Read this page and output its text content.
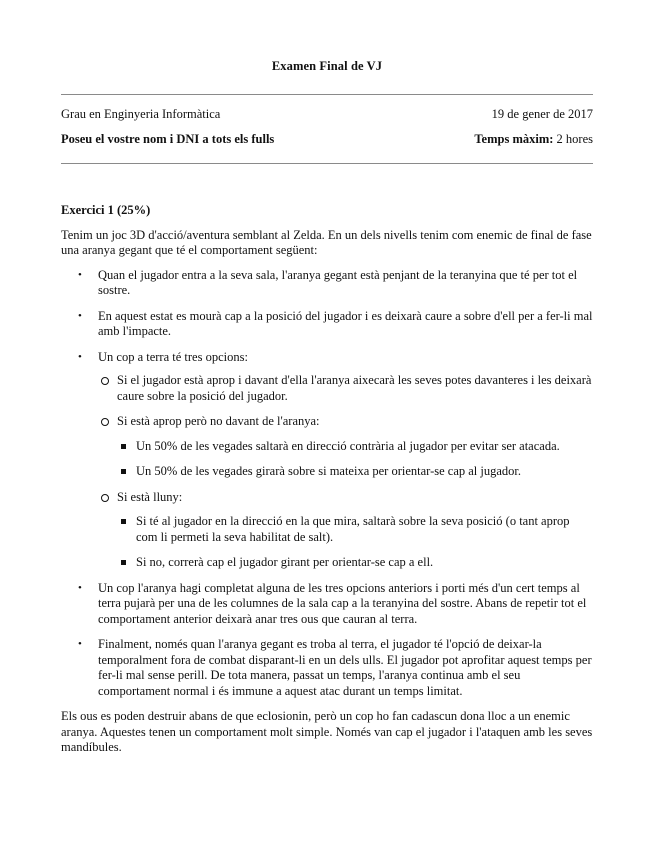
Examen Final de VJ
Grau en Enginyeria Informàtica	19 de gener de 2017
Poseu el vostre nom i DNI a tots els fulls	Temps màxim: 2 hores
Exercici 1 (25%)
Tenim un joc 3D d'acció/aventura semblant al Zelda. En un dels nivells tenim com enemic de final de fase una aranya gegant que té el comportament següent:
• Quan el jugador entra a la seva sala, l'aranya gegant està penjant de la teranyina que té per tot el sostre.
• En aquest estat es mourà cap a la posició del jugador i es deixarà caure a sobre d'ell per a fer-li mal amb l'impacte.
• Un cop a terra té tres opcions:
Si el jugador està aprop i davant d'ella l'aranya aixecarà les seves potes davanteres i les deixarà caure sobre la posició del jugador.
Si està aprop però no davant de l'aranya:
Un 50% de les vegades saltarà en direcció contrària al jugador per evitar ser atacada.
Un 50% de les vegades girarà sobre si mateixa per orientar-se cap al jugador.
Si està lluny:
Si té al jugador en la direcció en la que mira, saltarà sobre la seva posició (o tant aprop com li permeti la seva habilitat de salt).
Si no, correrà cap el jugador girant per orientar-se cap a ell.
• Un cop l'aranya hagi completat alguna de les tres opcions anteriors i porti més d'un cert temps al terra pujarà per una de les columnes de la sala cap a la teranyina del sostre. Abans de repetir tot el comportament anterior deixarà anar tres ous que cauran al terra.
• Finalment, només quan l'aranya gegant es troba al terra, el jugador té l'opció de deixar-la temporalment fora de combat disparant-li en un dels ulls. El jugador pot aprofitar aquest temps per fer-li mal sense perill. De tota manera, passat un temps, l'aranya continua amb el seu comportament normal i és immune a aquest atac durant un temps limitat.
Els ous es poden destruir abans de que eclosionin, però un cop ho fan cadascun dona lloc a un enemic aranya. Aquestes tenen un comportament molt simple. Només van cap el jugador i l'ataquen amb les seves mandíbules.
